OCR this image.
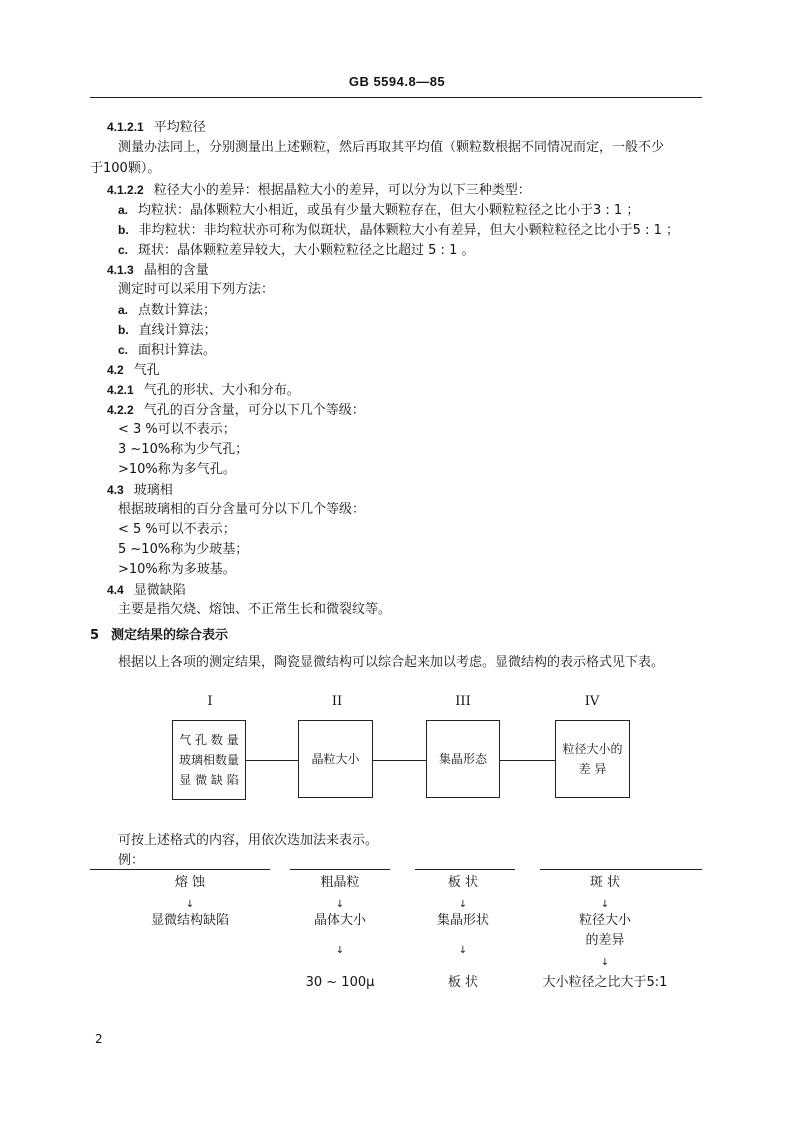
GB 5594.8—85
4.1.2.1 平均粒径
测量办法同上，分别测量出上述颗粒，然后再取其平均值（颗粒数根据不同情况而定，一般不少
于100颗）。
4.1.2.2 粒径大小的差异：根据晶粒大小的差异，可以分为以下三种类型：
a. 均粒状：晶体颗粒大小相近，或虽有少量大颗粒存在，但大小颗粒粒径之比小于3 : 1 ；
b. 非均粒状：非均粒状亦可称为似斑状，晶体颗粒大小有差异，但大小颗粒粒径之比小于5 : 1 ；
c. 斑状：晶体颗粒差异较大，大小颗粒粒径之比超过 5 : 1 。
4.1.3 晶相的含量
测定时可以采用下列方法：
a. 点数计算法；
b. 直线计算法；
c. 面积计算法。
4.2 气孔
4.2.1 气孔的形状、大小和分布。
4.2.2 气孔的百分含量，可分以下几个等级：
< 3 %可以不表示；
3 ~10%称为少气孔；
>10%称为多气孔。
4.3 玻璃相
根据玻璃相的百分含量可分以下几个等级：
< 5 %可以不表示；
5 ~10%称为少玻基；
>10%称为多玻基。
4.4 显微缺陷
主要是指欠烧、熔蚀、不正常生长和微裂纹等。
5 测定结果的综合表示
根据以上各项的测定结果，陶瓷显微结构可以综合起来加以考虑。显微结构的表示格式见下表。
I	II	III	IV
气 孔 数 量
玻璃相数量
显 微 缺 陷
晶粒大小	集晶形态
粒径大小的
差 异
可按上述格式的内容，用依次迭加法来表示。
例：
熔 蚀
↓
显微结构缺陷
粗晶粒
↓
晶体大小
↓
30 ~ 100μ
板 状
↓
集晶形状
↓
板 状
斑 状
↓
粒径大小
的差异
↓
大小粒径之比大于5:1
2
